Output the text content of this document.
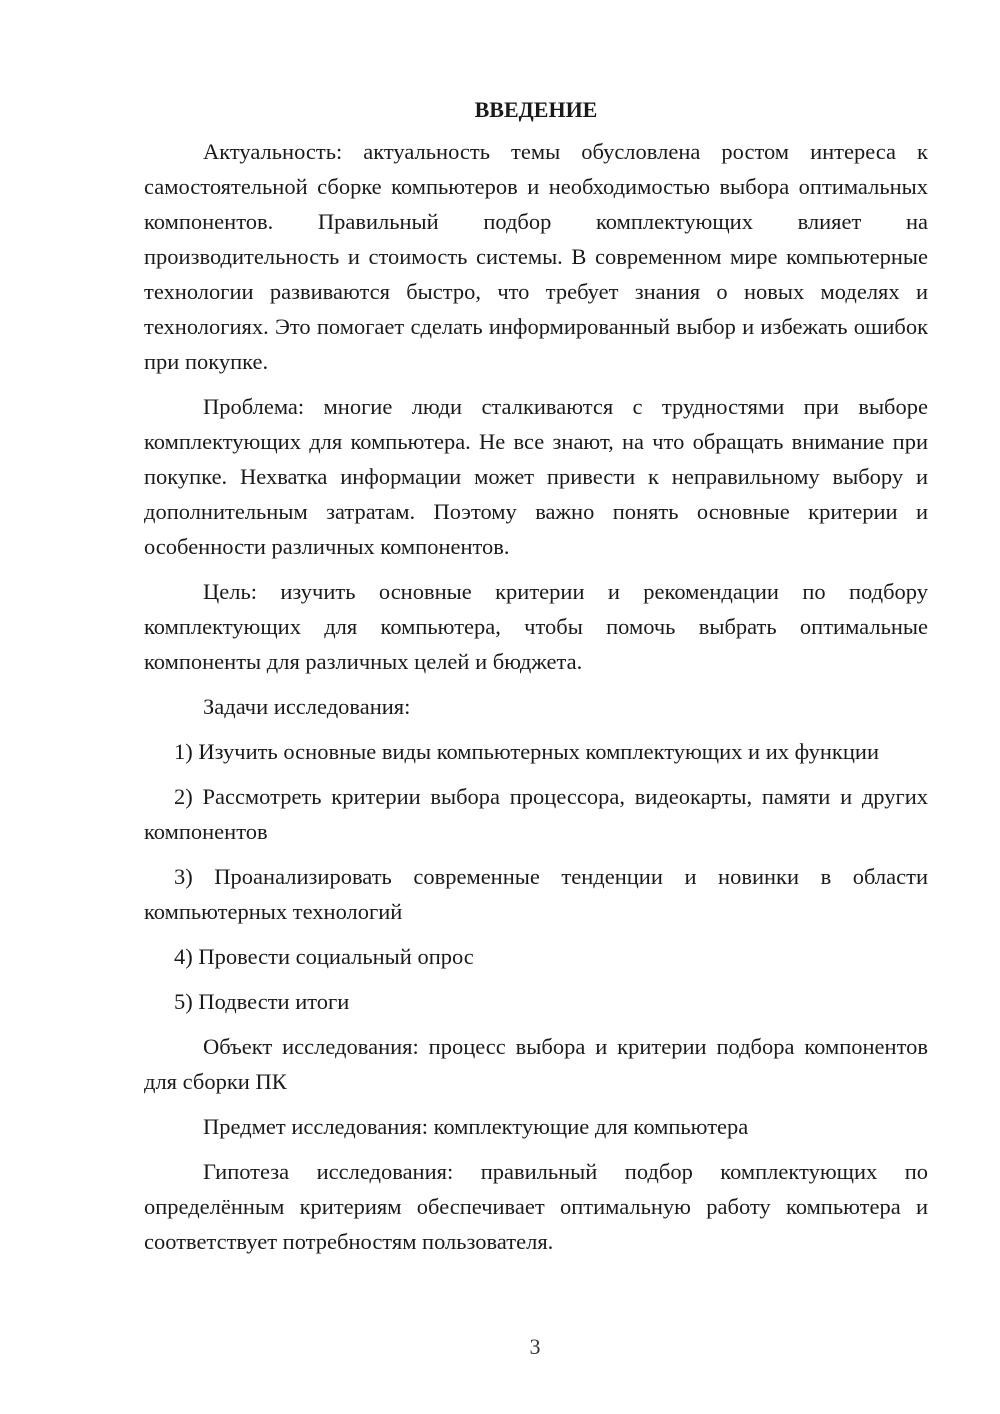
ВВЕДЕНИЕ

Актуальность: актуальность темы обусловлена ростом интереса к самостоятельной сборке компьютеров и необходимостью выбора оптимальных компонентов. Правильный подбор комплектующих влияет на производительность и стоимость системы. В современном мире компьютерные технологии развиваются быстро, что требует знания о новых моделях и технологиях. Это помогает сделать информированный выбор и избежать ошибок при покупке.

Проблема: многие люди сталкиваются с трудностями при выборе комплектующих для компьютера. Не все знают, на что обращать внимание при покупке. Нехватка информации может привести к неправильному выбору и дополнительным затратам. Поэтому важно понять основные критерии и особенности различных компонентов.

Цель: изучить основные критерии и рекомендации по подбору комплектующих для компьютера, чтобы помочь выбрать оптимальные компоненты для различных целей и бюджета.

Задачи исследования:

1) Изучить основные виды компьютерных комплектующих и их функции

2) Рассмотреть критерии выбора процессора, видеокарты, памяти и других компонентов

3) Проанализировать современные тенденции и новинки в области компьютерных технологий

4) Провести социальный опрос

5) Подвести итоги

Объект исследования: процесс выбора и критерии подбора компонентов для сборки ПК

Предмет исследования: комплектующие для компьютера

Гипотеза исследования: правильный подбор комплектующих по определённым критериям обеспечивает оптимальную работу компьютера и соответствует потребностям пользователя.

3
